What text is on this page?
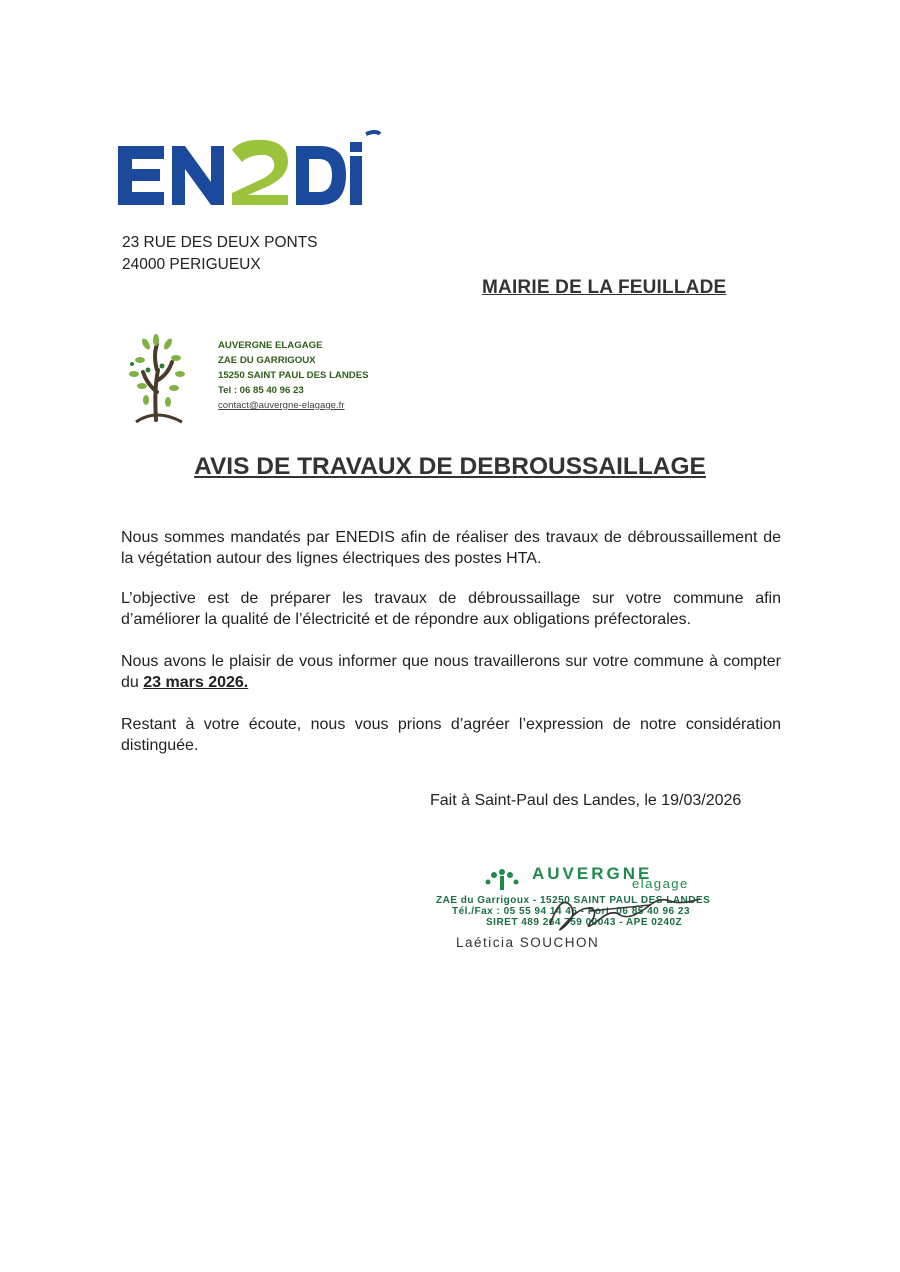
23 RUE DES DEUX PONTS
24000 PERIGUEUX
MAIRIE DE LA FEUILLADE
AUVERGNE ELAGAGE
ZAE DU GARRIGOUX
15250 SAINT PAUL DES LANDES
Tel : 06 85 40 96 23
contact@auvergne-elagage.fr
AVIS DE TRAVAUX DE DEBROUSSAILLAGE
Nous sommes mandatés par ENEDIS afin de réaliser des travaux de débroussaillement de la végétation autour des lignes électriques des postes HTA.
L’objective est de préparer les travaux de débroussaillage sur votre commune afin d’améliorer la qualité de l’électricité et de répondre aux obligations préfectorales.
Nous avons le plaisir de vous informer que nous travaillerons sur votre commune à compter du 23 mars 2026.
Restant à votre écoute, nous vous prions d’agréer l’expression de notre considération distinguée.
Fait à Saint-Paul des Landes, le 19/03/2026
AUVERGNE
elagage
ZAE du Garrigoux - 15250 SAINT PAUL DES LANDES
Tél./Fax : 05 55 94 14 46 - Port. 06 85 40 96 23
SIRET 489 264 759 00043 - APE 0240Z
Laéticia SOUCHON
